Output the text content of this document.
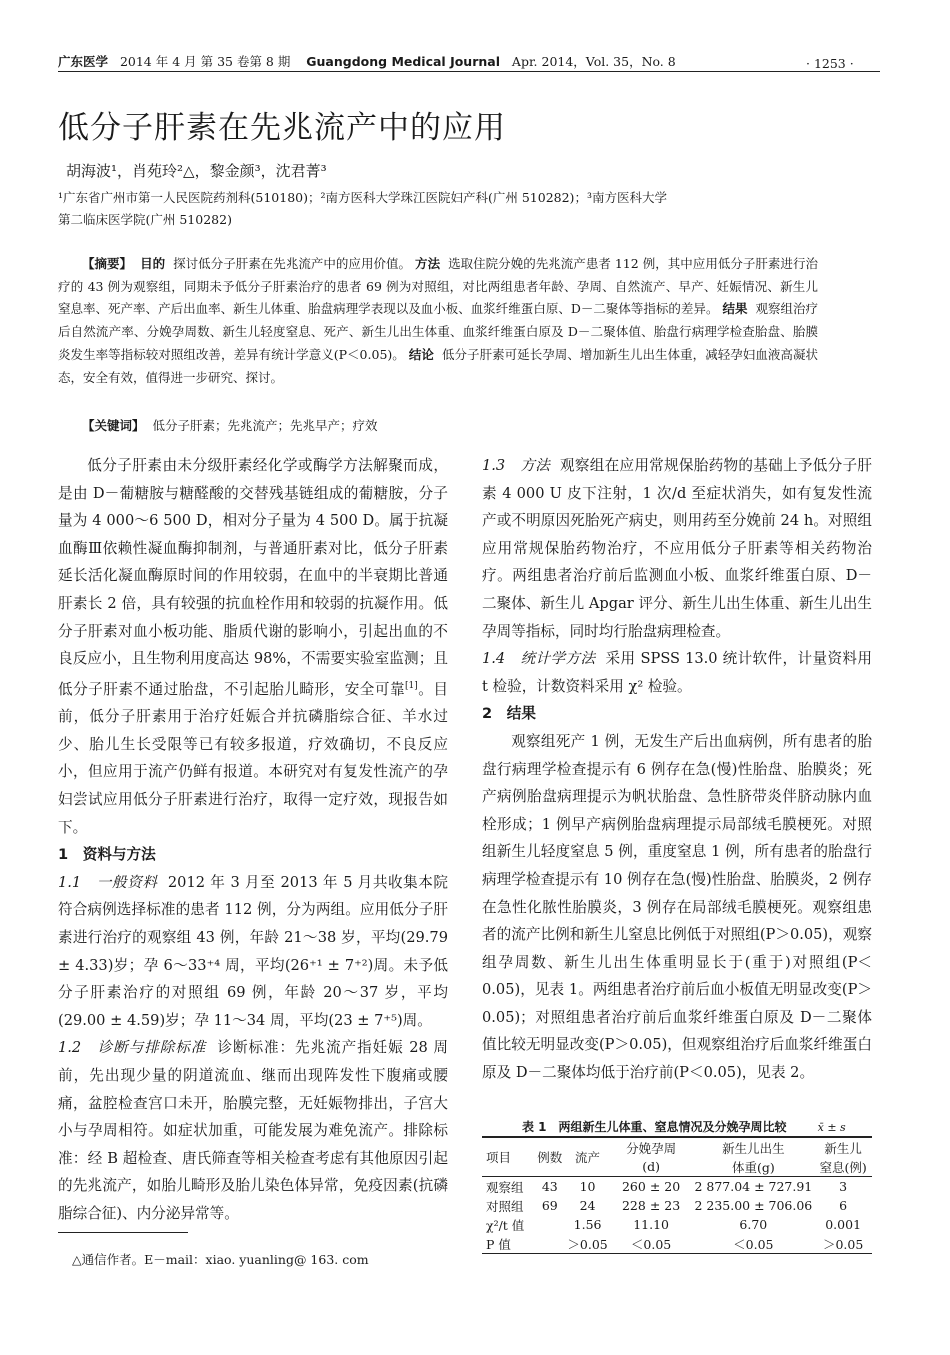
广东医学 2014 年 4 月 第 35 卷第 8 期 Guangdong Medical Journal Apr. 2014，Vol. 35，No. 8	· 1253 ·
低分子肝素在先兆流产中的应用
胡海波¹，肖苑玲²△，黎金颜³，沈君菁³
¹广东省广州市第一人民医院药剂科(510180)；²南方医科大学珠江医院妇产科(广州 510282)；³南方医科大学
第二临床医学院(广州 510282)
【摘要】 目的 探讨低分子肝素在先兆流产中的应用价值。 方法 选取住院分娩的先兆流产患者 112 例，其中应用低分子肝素进行治疗的 43 例为观察组，同期未予低分子肝素治疗的患者 69 例为对照组，对比两组患者年龄、孕周、自然流产、早产、妊娠情况、新生儿窒息率、死产率、产后出血率、新生儿体重、胎盘病理学表现以及血小板、血浆纤维蛋白原、D－二聚体等指标的差异。 结果 观察组治疗后自然流产率、分娩孕周数、新生儿轻度窒息、死产、新生儿出生体重、血浆纤维蛋白原及 D－二聚体值、胎盘行病理学检查胎盘、胎膜炎发生率等指标较对照组改善，差异有统计学意义(P＜0.05)。 结论 低分子肝素可延长孕周、增加新生儿出生体重，减轻孕妇血液高凝状态，安全有效，值得进一步研究、探讨。
【关键词】 低分子肝素；先兆流产；先兆早产；疗效

低分子肝素由未分级肝素经化学或酶学方法解聚而成，是由 D－葡糖胺与糖醛酸的交替残基链组成的葡糖胺，分子量为 4 000～6 500 D，相对分子量为 4 500 D。属于抗凝血酶Ⅲ依赖性凝血酶抑制剂，与普通肝素对比，低分子肝素延长活化凝血酶原时间的作用较弱，在血中的半衰期比普通肝素长 2 倍，具有较强的抗血栓作用和较弱的抗凝作用。低分子肝素对血小板功能、脂质代谢的影响小，引起出血的不良反应小，且生物利用度高达 98%，不需要实验室监测；且低分子肝素不通过胎盘，不引起胎儿畸形，安全可靠[1]。目前，低分子肝素用于治疗妊娠合并抗磷脂综合征、羊水过少、胎儿生长受限等已有较多报道，疗效确切，不良反应小，但应用于流产仍鲜有报道。本研究对有复发性流产的孕妇尝试应用低分子肝素进行治疗，取得一定疗效，现报告如下。

1　资料与方法

1.1　一般资料 2012 年 3 月至 2013 年 5 月共收集本院符合病例选择标准的患者 112 例，分为两组。应用低分子肝素进行治疗的观察组 43 例，年龄 21～38 岁，平均(29.79 ± 4.33)岁；孕 6～33⁺⁴ 周，平均(26⁺¹ ± 7⁺²)周。未予低分子肝素治疗的对照组 69 例，年龄 20～37 岁，平均(29.00 ± 4.59)岁；孕 11～34 周，平均(23 ± 7⁺⁵)周。

1.2　诊断与排除标准 诊断标准：先兆流产指妊娠 28 周前，先出现少量的阴道流血、继而出现阵发性下腹痛或腰痛，盆腔检查宫口未开，胎膜完整，无妊娠物排出，子宫大小与孕周相符。如症状加重，可能发展为难免流产。排除标准：经 B 超检查、唐氏筛查等相关检查考虑有其他原因引起的先兆流产，如胎儿畸形及胎儿染色体异常，免疫因素(抗磷脂综合征)、内分泌异常等。

△通信作者。E－mail：xiao. yuanling@ 163. com

1.3　方法 观察组在应用常规保胎药物的基础上予低分子肝素 4 000 U 皮下注射，1 次/d 至症状消失，如有复发性流产或不明原因死胎死产病史，则用药至分娩前 24 h。对照组应用常规保胎药物治疗，不应用低分子肝素等相关药物治疗。两组患者治疗前后监测血小板、血浆纤维蛋白原、D－二聚体、新生儿 Apgar 评分、新生儿出生体重、新生儿出生孕周等指标，同时均行胎盘病理检查。

1.4　统计学方法 采用 SPSS 13.0 统计软件，计量资料用 t 检验，计数资料采用 χ² 检验。

2　结果

观察组死产 1 例，无发生产后出血病例，所有患者的胎盘行病理学检查提示有 6 例存在急(慢)性胎盘、胎膜炎；死产病例胎盘病理提示为帆状胎盘、急性脐带炎伴脐动脉内血栓形成；1 例早产病例胎盘病理提示局部绒毛膜梗死。对照组新生儿轻度窒息 5 例，重度窒息 1 例，所有患者的胎盘行病理学检查提示有 10 例存在急(慢)性胎盘、胎膜炎，2 例存在急性化脓性胎膜炎，3 例存在局部绒毛膜梗死。观察组患者的流产比例和新生儿窒息比例低于对照组(P＞0.05)，观察组孕周数、新生儿出生体重明显长于(重于)对照组(P＜0.05)，见表 1。两组患者治疗前后血小板值无明显改变(P＞0.05)；对照组患者治疗前后血浆纤维蛋白原及 D－二聚体值比较无明显改变(P＞0.05)，但观察组治疗后血浆纤维蛋白原及 D－二聚体均低于治疗前(P＜0.05)，见表 2。

表 1　两组新生儿体重、窒息情况及分娩孕周比较	x̄ ± s
项目	例数	流产	分娩孕周	新生儿出生	新生儿
			(d)	体重(g)	窒息(例)
观察组	43	10	260 ± 20	2 877.04 ± 727.91	3
对照组	69	24	228 ± 23	2 235.00 ± 706.06	6
χ²/t 值		1.56	11.10	6.70	0.001
P 值		＞0.05	＜0.05	＜0.05	＞0.05
